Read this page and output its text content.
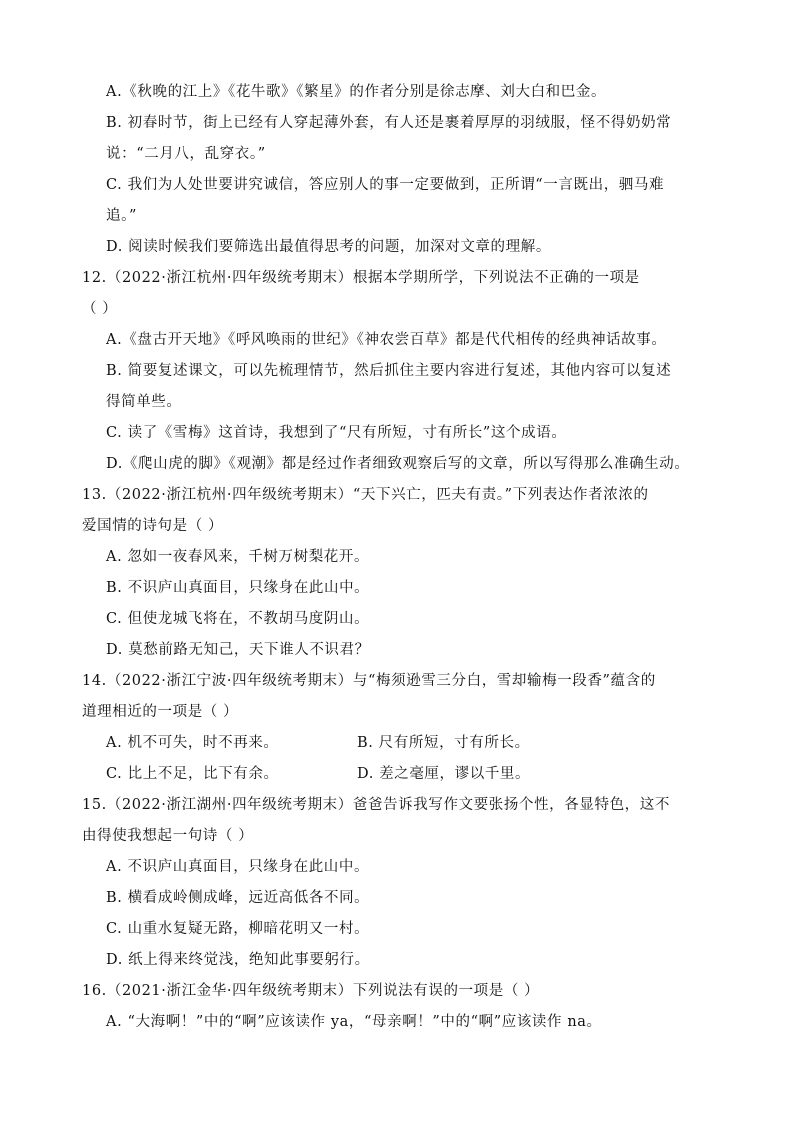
A.《秋晚的江上》《花牛歌》《繁星》的作者分别是徐志摩、刘大白和巴金。
B. 初春时节，街上已经有人穿起薄外套，有人还是裹着厚厚的羽绒服，怪不得奶奶常
说：“二月八，乱穿衣。”
C. 我们为人处世要讲究诚信，答应别人的事一定要做到，正所谓“一言既出，驷马难
追。”
D. 阅读时候我们要筛选出最值得思考的问题，加深对文章的理解。
12.（2022·浙江杭州·四年级统考期末）根据本学期所学，下列说法不正确的一项是
（ ）
A.《盘古开天地》《呼风唤雨的世纪》《神农尝百草》都是代代相传的经典神话故事。
B. 简要复述课文，可以先梳理情节，然后抓住主要内容进行复述，其他内容可以复述
得简单些。
C. 读了《雪梅》这首诗，我想到了“尺有所短，寸有所长”这个成语。
D.《爬山虎的脚》《观潮》都是经过作者细致观察后写的文章，所以写得那么准确生动。
13.（2022·浙江杭州·四年级统考期末）“天下兴亡，匹夫有责。”下列表达作者浓浓的
爱国情的诗句是（ ）
A. 忽如一夜春风来，千树万树梨花开。
B. 不识庐山真面目，只缘身在此山中。
C. 但使龙城飞将在，不教胡马度阴山。
D. 莫愁前路无知己，天下谁人不识君？
14.（2022·浙江宁波·四年级统考期末）与“梅须逊雪三分白，雪却输梅一段香”蕴含的
道理相近的一项是（ ）
A. 机不可失，时不再来。	B. 尺有所短，寸有所长。
C. 比上不足，比下有余。	D. 差之毫厘，谬以千里。
15.（2022·浙江湖州·四年级统考期末）爸爸告诉我写作文要张扬个性，各显特色，这不
由得使我想起一句诗（ ）
A. 不识庐山真面目，只缘身在此山中。
B. 横看成岭侧成峰，远近高低各不同。
C. 山重水复疑无路，柳暗花明又一村。
D. 纸上得来终觉浅，绝知此事要躬行。
16.（2021·浙江金华·四年级统考期末）下列说法有误的一项是（ ）
A. “大海啊！”中的“啊”应该读作 ya，“母亲啊！”中的“啊”应该读作 na。
